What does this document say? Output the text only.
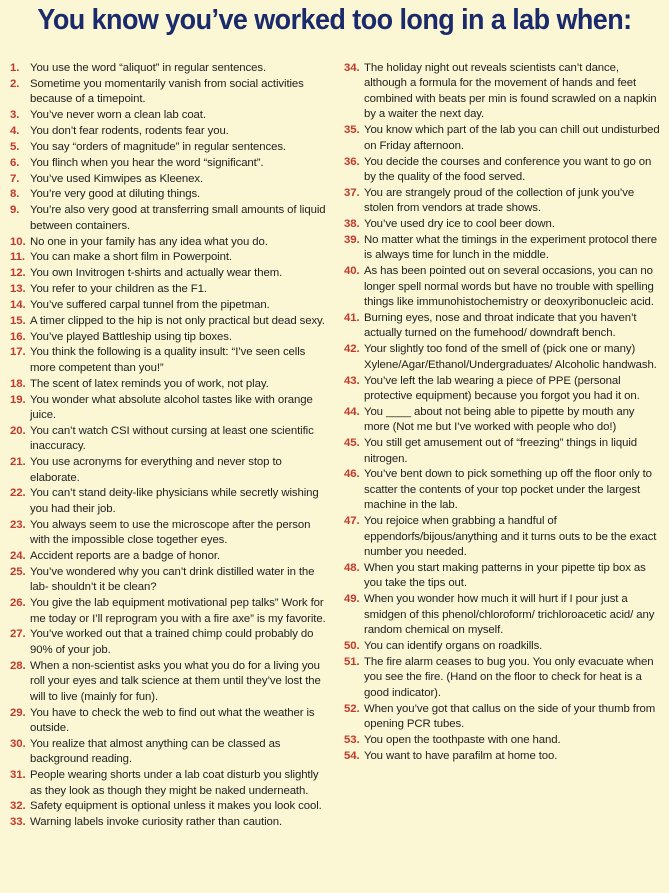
You know you’ve worked too long in a lab when:
1. You use the word “aliquot” in regular sentences.
2. Sometime you momentarily vanish from social activities because of a timepoint.
3. You’ve never worn a clean lab coat.
4. You don’t fear rodents, rodents fear you.
5. You say “orders of magnitude” in regular sentences.
6. You flinch when you hear the word “significant”.
7. You’ve used Kimwipes as Kleenex.
8. You’re very good at diluting things.
9. You’re also very good at transferring small amounts of liquid between containers.
10. No one in your family has any idea what you do.
11. You can make a short film in Powerpoint.
12. You own Invitrogen t-shirts and actually wear them.
13. You refer to your children as the F1.
14. You’ve suffered carpal tunnel from the pipetman.
15. A timer clipped to the hip is not only practical but dead sexy.
16. You’ve played Battleship using tip boxes.
17. You think the following is a quality insult: “I’ve seen cells more competent than you!”
18. The scent of latex reminds you of work, not play.
19. You wonder what absolute alcohol tastes like with orange juice.
20. You can’t watch CSI without cursing at least one scientific inaccuracy.
21. You use acronyms for everything and never stop to elaborate.
22. You can’t stand deity-like physicians while secretly wishing you had their job.
23. You always seem to use the microscope after the person with the impossible close together eyes.
24. Accident reports are a badge of honor.
25. You’ve wondered why you can’t drink distilled water in the lab- shouldn’t it be clean?
26. You give the lab equipment motivational pep talks” Work for me today or I’ll reprogram you with a fire axe” is my favorite.
27. You’ve worked out that a trained chimp could probably do 90% of your job.
28. When a non-scientist asks you what you do for a living you roll your eyes and talk science at them until they’ve lost the will to live (mainly for fun).
29. You have to check the web to find out what the weather is outside.
30. You realize that almost anything can be classed as background reading.
31. People wearing shorts under a lab coat disturb you slightly as they look as though they might be naked underneath.
32. Safety equipment is optional unless it makes you look cool.
33. Warning labels invoke curiosity rather than caution.
34. The holiday night out reveals scientists can’t dance, although a formula for the movement of hands and feet combined with beats per min is found scrawled on a napkin by a waiter the next day.
35. You know which part of the lab you can chill out undisturbed on Friday afternoon.
36. You decide the courses and conference you want to go on by the quality of the food served.
37. You are strangely proud of the collection of junk you’ve stolen from vendors at trade shows.
38. You’ve used dry ice to cool beer down.
39. No matter what the timings in the experiment protocol there is always time for lunch in the middle.
40. As has been pointed out on several occasions, you can no longer spell normal words but have no trouble with spelling things like immunohistochemistry or deoxyribonucleic acid.
41. Burning eyes, nose and throat indicate that you haven’t actually turned on the fumehood/ downdraft bench.
42. Your slightly too fond of the smell of (pick one or many) Xylene/Agar/Ethanol/Undergraduates/ Alcoholic handwash.
43. You’ve left the lab wearing a piece of PPE (personal protective equipment) because you forgot you had it on.
44. You ____ about not being able to pipette by mouth any more (Not me but I’ve worked with people who do!)
45. You still get amusement out of “freezing” things in liquid nitrogen.
46. You’ve bent down to pick something up off the floor only to scatter the contents of your top pocket under the largest machine in the lab.
47. You rejoice when grabbing a handful of eppendorfs/bijous/anything and it turns outs to be the exact number you needed.
48. When you start making patterns in your pipette tip box as you take the tips out.
49. When you wonder how much it will hurt if I pour just a smidgen of this phenol/chloroform/ trichloroacetic acid/ any random chemical on myself.
50. You can identify organs on roadkills.
51. The fire alarm ceases to bug you. You only evacuate when you see the fire. (Hand on the floor to check for heat is a good indicator).
52. When you’ve got that callus on the side of your thumb from opening PCR tubes.
53. You open the toothpaste with one hand.
54. You want to have parafilm at home too.
